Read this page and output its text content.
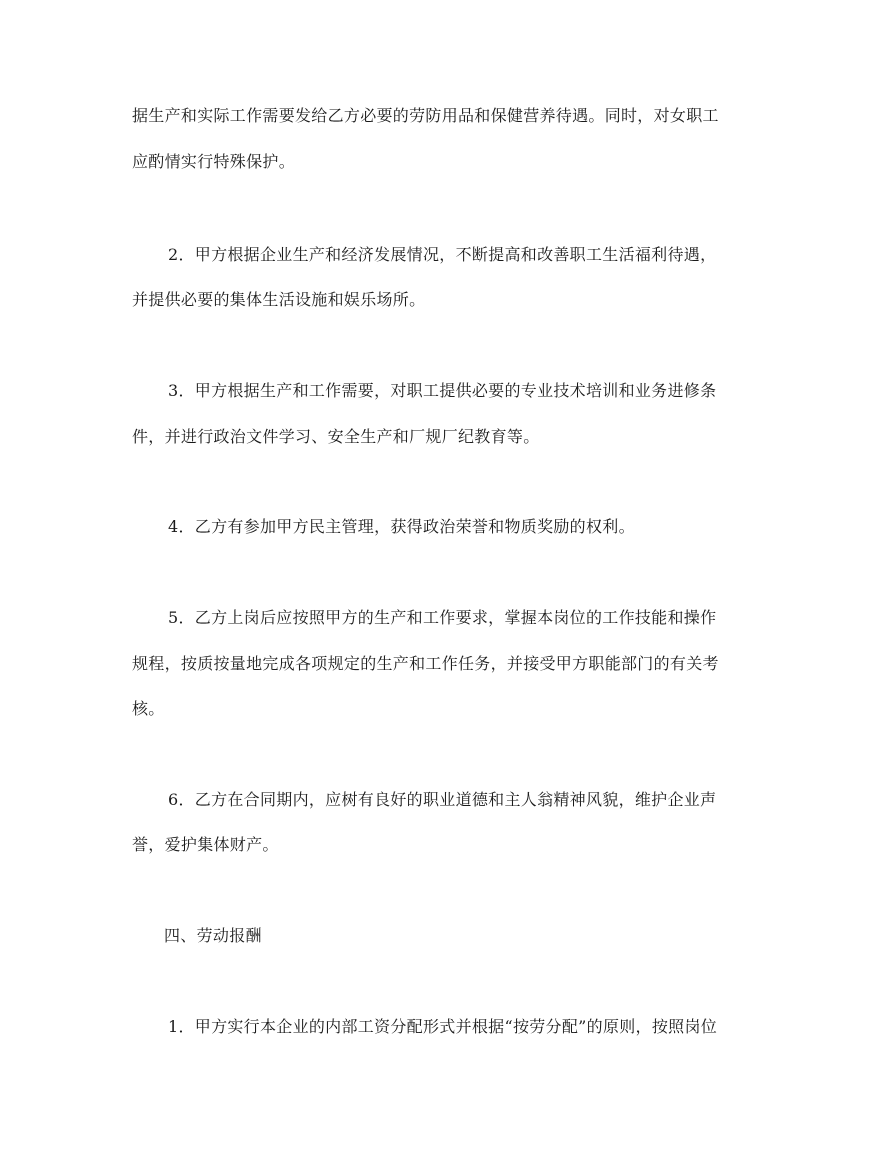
据生产和实际工作需要发给乙方必要的劳防用品和保健营养待遇。同时，对女职工
应酌情实行特殊保护。
2．甲方根据企业生产和经济发展情况，不断提高和改善职工生活福利待遇，
并提供必要的集体生活设施和娱乐场所。
3．甲方根据生产和工作需要，对职工提供必要的专业技术培训和业务进修条
件，并进行政治文件学习、安全生产和厂规厂纪教育等。
4．乙方有参加甲方民主管理，获得政治荣誉和物质奖励的权利。
5．乙方上岗后应按照甲方的生产和工作要求，掌握本岗位的工作技能和操作
规程，按质按量地完成各项规定的生产和工作任务，并接受甲方职能部门的有关考
核。
6．乙方在合同期内，应树有良好的职业道德和主人翁精神风貌，维护企业声
誉，爱护集体财产。
四、劳动报酬
1．甲方实行本企业的内部工资分配形式并根据“按劳分配”的原则，按照岗位
